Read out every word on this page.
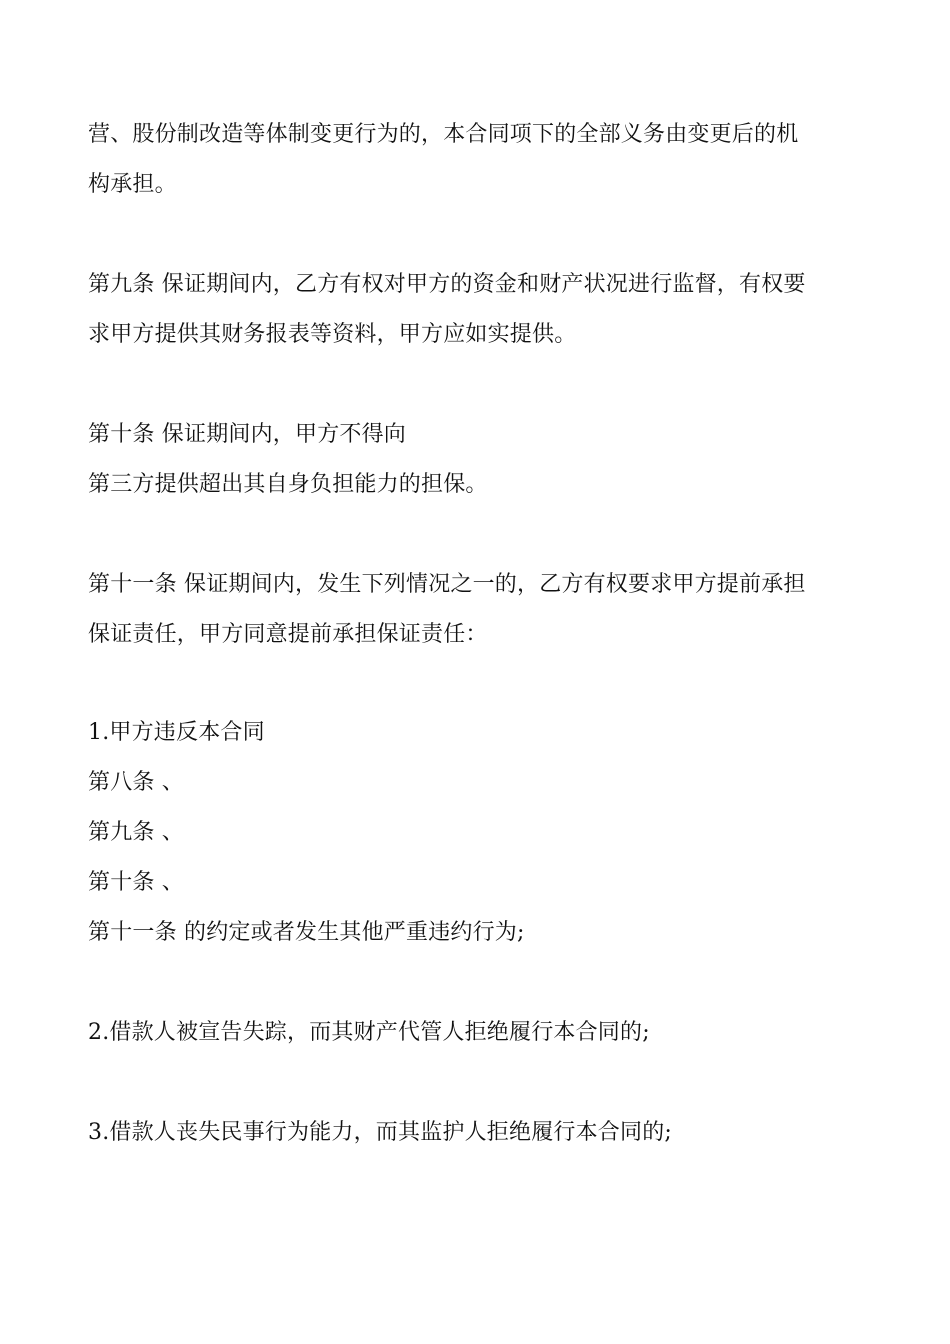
营、股份制改造等体制变更行为的，本合同项下的全部义务由变更后的机
构承担。
第九条 保证期间内，乙方有权对甲方的资金和财产状况进行监督，有权要
求甲方提供其财务报表等资料，甲方应如实提供。
第十条 保证期间内，甲方不得向
第三方提供超出其自身负担能力的担保。
第十一条 保证期间内，发生下列情况之一的，乙方有权要求甲方提前承担
保证责任，甲方同意提前承担保证责任：
1.甲方违反本合同
第八条 、
第九条 、
第十条 、
第十一条 的约定或者发生其他严重违约行为;
2.借款人被宣告失踪，而其财产代管人拒绝履行本合同的;
3.借款人丧失民事行为能力，而其监护人拒绝履行本合同的;
